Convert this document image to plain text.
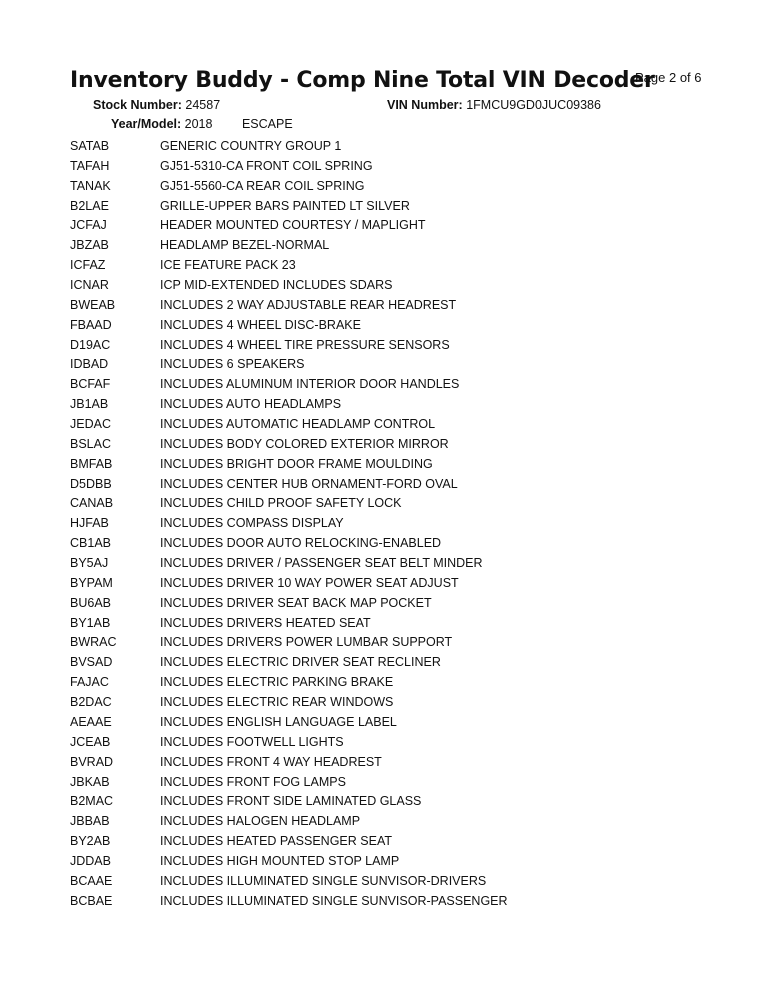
Inventory Buddy - Comp Nine Total VIN Decoder
Page 2 of 6
Stock Number: 24587	VIN Number: 1FMCU9GD0JUC09386
Year/Model: 2018 ESCAPE
SATAB	GENERIC COUNTRY GROUP 1
TAFAH	GJ51-5310-CA FRONT COIL SPRING
TANAK	GJ51-5560-CA REAR COIL SPRING
B2LAE	GRILLE-UPPER BARS PAINTED LT SILVER
JCFAJ	HEADER MOUNTED COURTESY / MAPLIGHT
JBZAB	HEADLAMP BEZEL-NORMAL
ICFAZ	ICE FEATURE PACK 23
ICNAR	ICP MID-EXTENDED INCLUDES SDARS
BWEAB	INCLUDES 2 WAY ADJUSTABLE REAR HEADREST
FBAAD	INCLUDES 4 WHEEL DISC-BRAKE
D19AC	INCLUDES 4 WHEEL TIRE PRESSURE SENSORS
IDBAD	INCLUDES 6 SPEAKERS
BCFAF	INCLUDES ALUMINUM INTERIOR DOOR HANDLES
JB1AB	INCLUDES AUTO HEADLAMPS
JEDAC	INCLUDES AUTOMATIC HEADLAMP CONTROL
BSLAC	INCLUDES BODY COLORED EXTERIOR MIRROR
BMFAB	INCLUDES BRIGHT DOOR FRAME MOULDING
D5DBB	INCLUDES CENTER HUB ORNAMENT-FORD OVAL
CANAB	INCLUDES CHILD PROOF SAFETY LOCK
HJFAB	INCLUDES COMPASS DISPLAY
CB1AB	INCLUDES DOOR AUTO RELOCKING-ENABLED
BY5AJ	INCLUDES DRIVER / PASSENGER SEAT BELT MINDER
BYPAM	INCLUDES DRIVER 10 WAY POWER SEAT ADJUST
BU6AB	INCLUDES DRIVER SEAT BACK MAP POCKET
BY1AB	INCLUDES DRIVERS HEATED SEAT
BWRAC	INCLUDES DRIVERS POWER LUMBAR SUPPORT
BVSAD	INCLUDES ELECTRIC DRIVER SEAT RECLINER
FAJAC	INCLUDES ELECTRIC PARKING BRAKE
B2DAC	INCLUDES ELECTRIC REAR WINDOWS
AEAAE	INCLUDES ENGLISH LANGUAGE LABEL
JCEAB	INCLUDES FOOTWELL LIGHTS
BVRAD	INCLUDES FRONT 4 WAY HEADREST
JBKAB	INCLUDES FRONT FOG LAMPS
B2MAC	INCLUDES FRONT SIDE LAMINATED GLASS
JBBAB	INCLUDES HALOGEN HEADLAMP
BY2AB	INCLUDES HEATED PASSENGER SEAT
JDDAB	INCLUDES HIGH MOUNTED STOP LAMP
BCAAE	INCLUDES ILLUMINATED SINGLE SUNVISOR-DRIVERS
BCBAE	INCLUDES ILLUMINATED SINGLE SUNVISOR-PASSENGER
